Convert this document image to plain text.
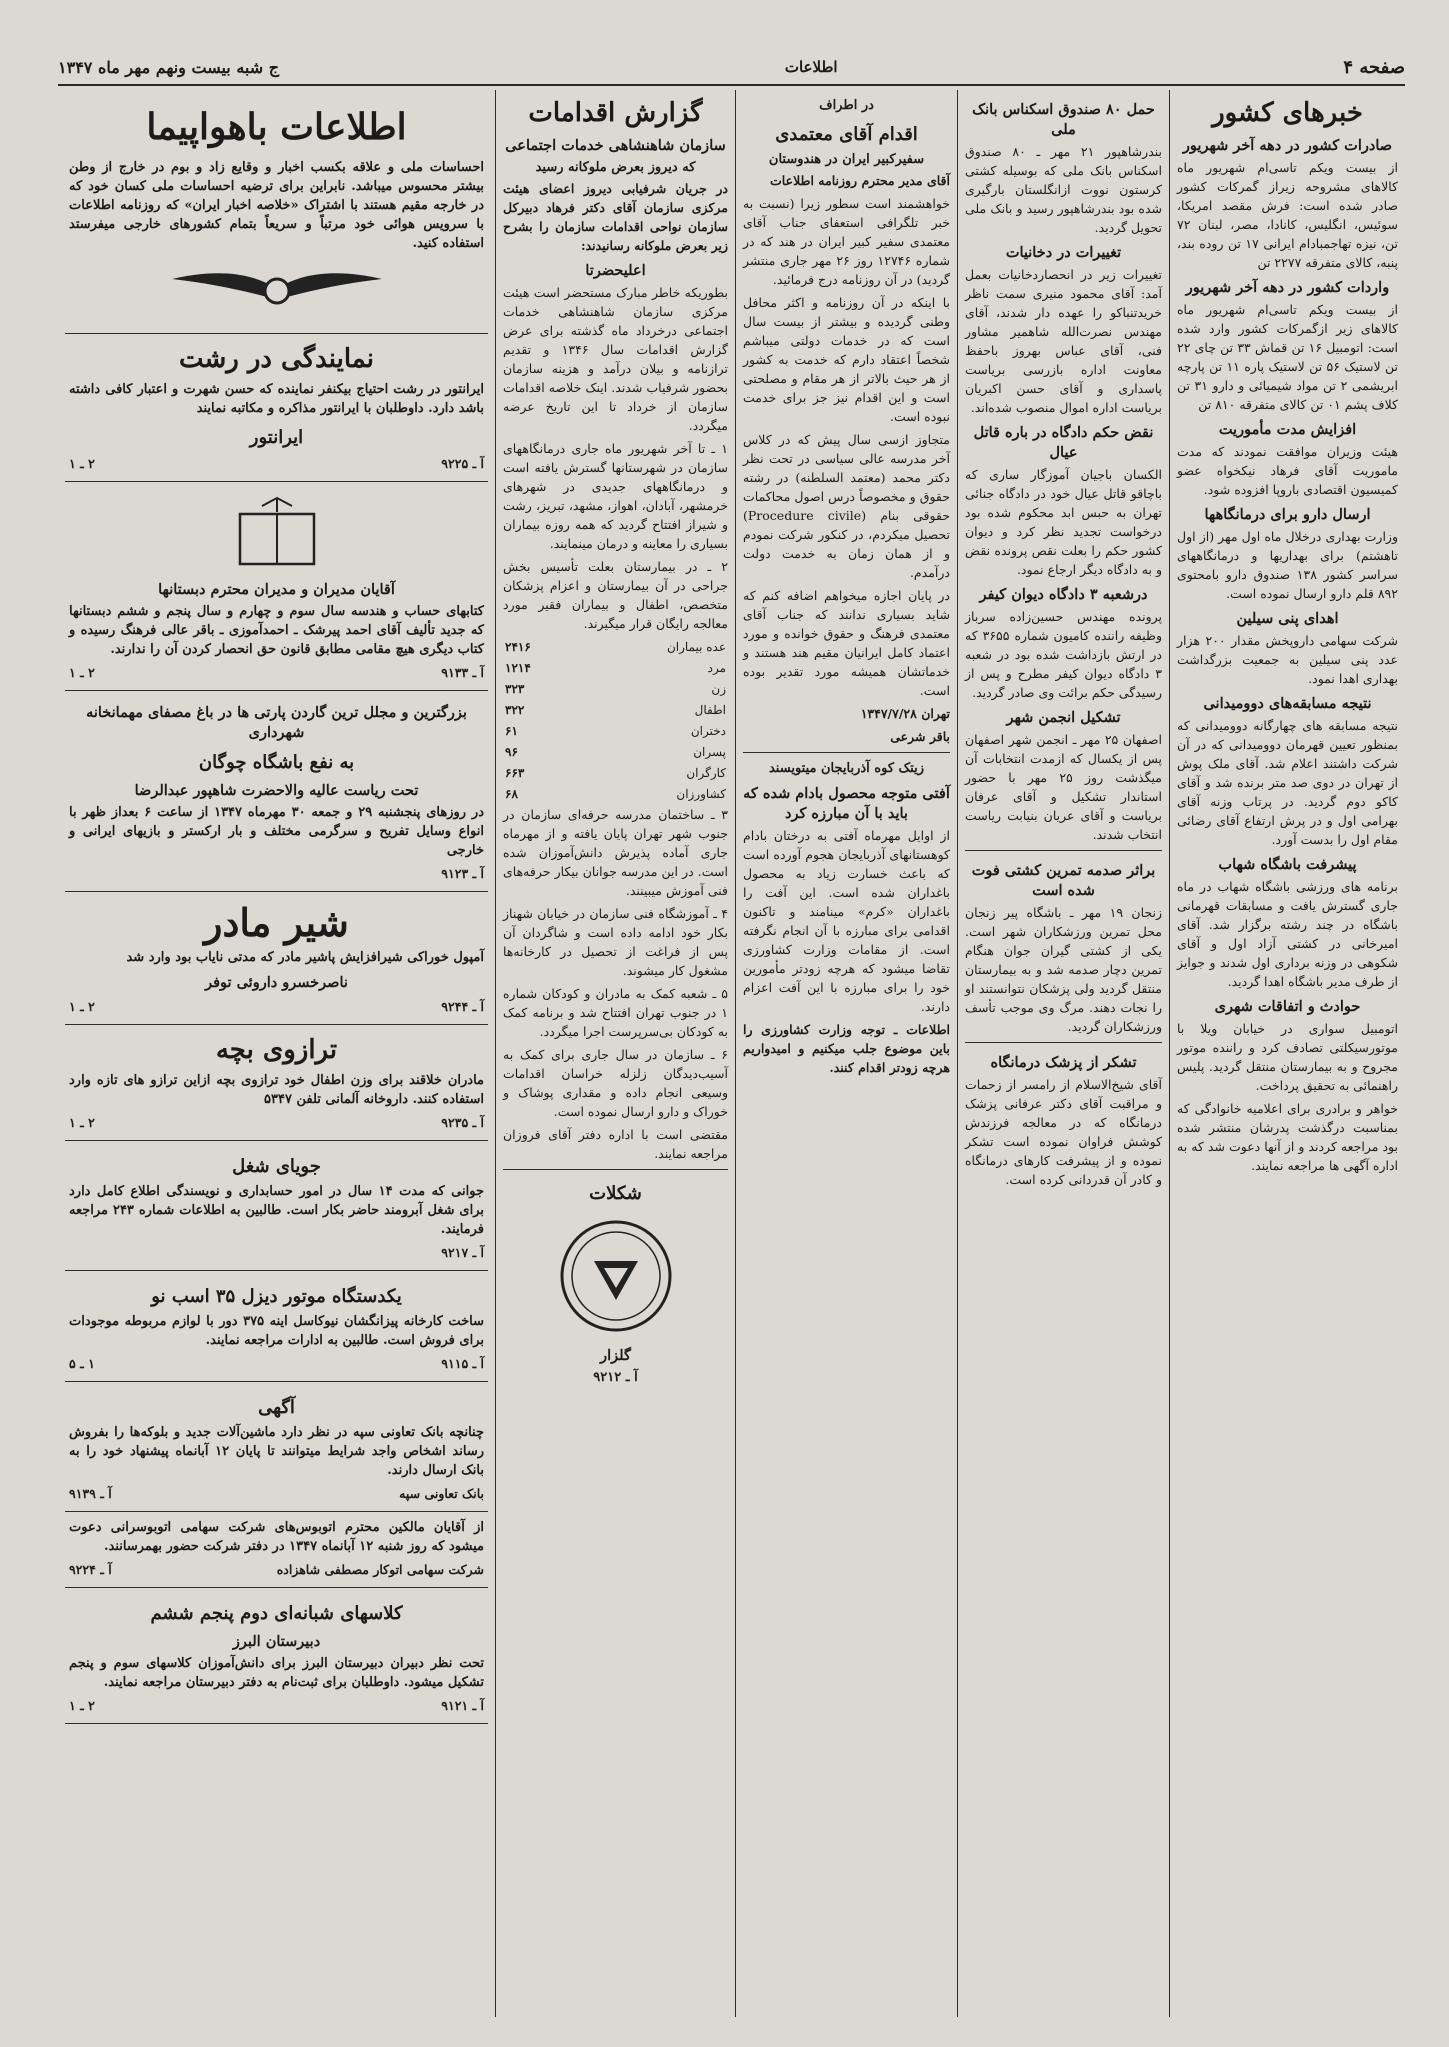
صفحه ۴
اطلاعات
ج شبه بیست ونهم مهر ماه ۱۳۴۷
خبرهای کشور
صادرات کشور در دهه آخر شهریور

از بیست ویکم تاسی‌ام شهریور ماه کالاهای مشروحه زیراز گمرکات کشور صادر شده است: فرش مقصد امریکا، سوئیس، انگلیس، کانادا، مصر، لبنان ۷۲ تن، نیزه تهاجمبادام ایرانی ۱۷ تن روده بند، پنبه، کالای متفرقه ۲۲۷۷ تن

واردات کشور در دهه آخر شهریور

از بیست ویکم تاسی‌ام شهریور ماه کالاهای زیر ازگمرکات کشور وارد شده است: اتومبیل ۱۶ تن قماش ۳۳ تن چای ۲۲ تن لاستیک ۵۶ تن لاستیک پاره ۱۱ تن پارچه ابریشمی ۲ تن مواد شیمیائی و دارو ۳۱ تن کلاف پشم ۰۱ تن کالای متفرقه ۸۱۰ تن

افزایش مدت مأموریت

هیئت وزیران موافقت نمودند که مدت ماموریت آقای فرهاد نیکخواه عضو کمیسیون اقتصادی باروپا افزوده شود.

ارسال دارو برای درمانگاهها

وزارت بهداری درخلال ماه اول مهر (از اول تاهشتم) برای بهداریها و درمانگاههای سراسر کشور ۱۳۸ صندوق دارو بامحتوی ۸۹۲ قلم دارو ارسال نموده است.

اهدای پنی سیلین

شرکت سهامی داروپخش مقدار ۲۰۰ هزار عدد پنی سیلین به جمعیت بزرگداشت بهداری اهدا نمود.

نتیجه مسابقه‌های دوومیدانی

نتیجه مسابقه های چهارگانه دوومیدانی که بمنظور تعیین قهرمان دوومیدانی که در آن شرکت داشتند اعلام شد. آقای ملک پوش از تهران در دوی صد متر برنده شد و آقای کاکو دوم گردید. در پرتاب وزنه آقای بهرامی اول و در پرش ارتفاع آقای رضائی مقام اول را بدست آورد.

پیشرفت باشگاه شهاب

برنامه های ورزشی باشگاه شهاب در ماه جاری گسترش یافت و مسابقات قهرمانی باشگاه در چند رشته برگزار شد. آقای امیرخانی در کشتی آزاد اول و آقای شکوهی در وزنه برداری اول شدند و جوایز از طرف مدیر باشگاه اهدا گردید.

حوادث و اتفاقات شهری

اتومبیل سواری در خیابان ویلا با موتورسیکلتی تصادف کرد و راننده موتور مجروح و به بیمارستان منتقل گردید. پلیس راهنمائی به تحقیق پرداخت.

خواهر و برادری برای اعلامیه خانوادگی که بمناسبت درگذشت پدرشان منتشر شده بود مراجعه کردند و از آنها دعوت شد که به اداره آگهی ها مراجعه نمایند.

حمل ۸۰ صندوق اسکناس بانک ملی

بندرشاهپور ۲۱ مهر ـ ۸۰ صندوق اسکناس بانک ملی که بوسیله کشتی کرستون نووت ازانگلستان بارگیری شده بود بندرشاهپور رسید و بانک ملی تحویل گردید.

تغییرات در دخانیات

تغییرات زیر در انحصاردخانیات بعمل آمد: آقای محمود منیری سمت ناظر خریدتنباکو را عهده دار شدند، آقای مهندس نصرت‌الله شاهمیر مشاور فنی، آقای عباس بهروز باحفظ معاونت اداره بازرسی بریاست پاسداری و آقای حسن اکبریان بریاست اداره اموال منصوب شده‌اند.

نقض حکم دادگاه در باره قاتل عیال

الکسان باجیان آموزگار ساری که باچاقو قاتل عیال خود در دادگاه جنائی تهران به حبس ابد محکوم شده بود درخواست تجدید نظر کرد و دیوان کشور حکم را بعلت نقص پرونده نقض و به دادگاه دیگر ارجاع نمود.

درشعبه ۳ دادگاه دیوان کیفر

پرونده مهندس حسین‌زاده سرباز وظیفه راننده کامیون شماره ۳۶۵۵ که در ارتش بازداشت شده بود در شعبه ۳ دادگاه دیوان کیفر مطرح و پس از رسیدگی حکم برائت وی صادر گردید.

تشکیل انجمن شهر

اصفهان ۲۵ مهر ـ انجمن شهر اصفهان پس از یکسال که ازمدت انتخابات آن میگذشت روز ۲۵ مهر با حضور استاندار تشکیل و آقای عرفان بریاست و آقای عریان بنیابت ریاست انتخاب شدند.

براثر صدمه تمرین کشتی فوت شده است

زنجان ۱۹ مهر ـ باشگاه پیر زنجان محل تمرین ورزشکاران شهر است. یکی از کشتی گیران جوان هنگام تمرین دچار صدمه شد و به بیمارستان منتقل گردید ولی پزشکان نتوانستند او را نجات دهند. مرگ وی موجب تأسف ورزشکاران گردید.

تشکر از پزشک درمانگاه

آقای شیخ‌الاسلام از رامسر از زحمات و مراقبت آقای دکتر عرفانی پزشک درمانگاه که در معالجه فرزندش کوشش فراوان نموده است تشکر نموده و از پیشرفت کارهای درمانگاه و کادر آن قدردانی کرده است.

در اطراف
اقدام آقای معتمدی
سفیرکبیر ایران در هندوستان

آقای مدیر محترم روزنامه اطلاعات

خواهشمند است سطور زیرا (نسبت به خبر تلگرافی استعفای جناب آقای معتمدی سفیر کبیر ایران در هند که در شماره ۱۲۷۴۶ روز ۲۶ مهر جاری منتشر گردید) در آن روزنامه درج فرمائید.

با اینکه در آن روزنامه و اکثر محافل وطنی گردیده و بیشتر از بیست سال است که در خدمات دولتی میباشم شخصاً اعتقاد دارم که خدمت به کشور از هر حیث بالاتر از هر مقام و مصلحتی است و این اقدام نیز جز برای خدمت نبوده است.

متجاوز ازسی سال پیش که در کلاس آخر مدرسه عالی سیاسی در تحت نظر دکتر محمد (معتمد السلطنه) در رشته حقوق و مخصوصاً درس اصول محاکمات حقوقی بنام (Procedure civile) تحصیل میکردم، در کنکور شرکت نمودم و از همان زمان به خدمت دولت درآمدم.

در پایان اجازه میخواهم اضافه کنم که شاید بسیاری ندانند که جناب آقای معتمدی فرهنگ و حقوق خوانده و مورد اعتماد کامل ایرانیان مقیم هند هستند و خدماتشان همیشه مورد تقدیر بوده است.

تهران ۱۳۴۷/۷/۲۸

باقر شرعی

زیتک کوه آذربایجان میتویسند
آفتی متوجه محصول بادام شده که باید با آن مبارزه کرد

از اوایل مهرماه آفتی به درختان بادام کوهستانهای آذربایجان هجوم آورده است که باعث خسارت زیاد به محصول باغداران شده است. این آفت را باغداران «کرم» مینامند و تاکنون اقدامی برای مبارزه با آن انجام نگرفته است. از مقامات وزارت کشاورزی تقاضا میشود که هرچه زودتر مأمورین خود را برای مبارزه با این آفت اعزام دارند.

اطلاعات ـ توجه وزارت کشاورزی را باین موضوع جلب میکنیم و امیدواریم هرچه زودتر اقدام کنند.

گزارش اقدامات
سازمان شاهنشاهی خدمات اجتماعی
که دیروز بعرض ملوکانه رسید

در جریان شرفیابی دیروز اعضای هیئت مرکزی سازمان آقای دکتر فرهاد دبیرکل سازمان نواحی اقدامات سازمان را بشرح زیر بعرض ملوکانه رسانیدند:

اعلیحضرتا

بطوریکه خاطر مبارک مستحضر است هیئت مرکزی سازمان شاهنشاهی خدمات اجتماعی درخرداد ماه گذشته برای عرض گزارش اقدامات سال ۱۳۴۶ و تقدیم ترازنامه و بیلان درآمد و هزینه سازمان بحضور شرفیاب شدند. اینک خلاصه اقدامات سازمان از خرداد تا این تاریخ عرضه میگردد.

۱ ـ تا آخر شهریور ماه جاری درمانگاههای سازمان در شهرستانها گسترش یافته است و درمانگاههای جدیدی در شهرهای خرمشهر، آبادان، اهواز، مشهد، تبریز، رشت و شیراز افتتاح گردید که همه روزه بیماران بسیاری را معاینه و درمان مینمایند.

۲ ـ در بیمارستان بعلت تأسیس بخش جراحی در آن بیمارستان و اعزام پزشکان متخصص، اطفال و بیماران فقیر مورد معالجه رایگان قرار میگیرند.

عده بیماران	۲۴۱۶
مرد	۱۲۱۴
زن	۳۲۳
اطفال	۳۲۲
دختران	۶۱
پسران	۹۶
کارگران	۶۶۳
کشاورزان	۶۸

۳ ـ ساختمان مدرسه حرفه‌ای سازمان در جنوب شهر تهران پایان یافته و از مهرماه جاری آماده پذیرش دانش‌آموزان شده است. در این مدرسه جوانان بیکار حرفه‌های فنی آموزش میبینند.

۴ ـ آموزشگاه فنی سازمان در خیابان شهناز بکار خود ادامه داده است و شاگردان آن پس از فراغت از تحصیل در کارخانه‌ها مشغول کار میشوند.

۵ ـ شعبه کمک به مادران و کودکان شماره ۱ در جنوب تهران افتتاح شد و برنامه کمک به کودکان بی‌سرپرست اجرا میگردد.

۶ ـ سازمان در سال جاری برای کمک به آسیب‌دیدگان زلزله خراسان اقدامات وسیعی انجام داده و مقداری پوشاک و خوراک و دارو ارسال نموده است.

مقتضی است با اداره دفتر آقای فروزان مراجعه نمایند.

شکلات
گلزار
آ ـ ۹۲۱۲
اطلاعات باهواپیما
احساسات ملی و علاقه بکسب اخبار و وقایع زاد و بوم در خارج از وطن بیشتر محسوس میباشد. نابراین برای ترضیه احساسات ملی کسان خود که در خارجه مقیم هستند با اشتراک «خلاصه اخبار ایران» که روزنامه اطلاعات با سرویس هوائی خود مرتباً و سریعاً بتمام کشورهای خارجی میفرستد استفاده کنید.
نمایندگی در رشت
ایرانتور در رشت احتیاج بیکنفر نماینده که حسن شهرت و اعتبار کافی داشته باشد دارد. داوطلبان با ایرانتور مذاکره و مکاتبه نمایند
ایرانتور
آ ـ ۹۲۲۵
۲ ـ ۱
آقایان مدیران و مدیران محترم دبستانها
کتابهای حساب و هندسه سال سوم و چهارم و سال پنجم و ششم دبستانها که جدید تألیف آقای احمد پیرشک ـ احمدآموزی ـ باقر عالی فرهنگ رسیده و کتاب دیگری هیچ مقامی مطابق قانون حق انحصار کردن آن را ندارند.
آ ـ ۹۱۳۳
۲ ـ ۱
بزرگترین و مجلل ترین گاردن پارتی ها در باغ مصفای مهمانخانه شهرداری
به نفع باشگاه چوگان
تحت ریاست عالیه والاحضرت شاهپور عبدالرضا
در روزهای پنجشنبه ۲۹ و جمعه ۳۰ مهرماه ۱۳۴۷ از ساعت ۶ بعداز ظهر با انواع وسایل تفریح و سرگرمی مختلف و بار ارکستر و بازیهای ایرانی و خارجی
آ ـ ۹۱۲۳
شیر مادر
آمپول خوراکی شیرافزایش پاشیر مادر که مدتی نایاب بود وارد شد
ناصرخسرو داروئی توفر
آ ـ ۹۲۴۴
۲ ـ ۱
ترازوی بچه
مادران خلاقند برای وزن اطفال خود ترازوی بچه ازاین ترازو های تازه وارد استفاده کنند. داروخانه آلمانی تلفن ۵۳۴۷
آ ـ ۹۲۳۵
۲ ـ ۱
جویای شغل
جوانی که مدت ۱۴ سال در امور حسابداری و نویسندگی اطلاع کامل دارد برای شغل آبرومند حاضر بکار است. طالبین به اطلاعات شماره ۲۴۳ مراجعه فرمایند.
آ ـ ۹۲۱۷
یکدستگاه موتور دیزل ۳۵ اسب نو
ساخت کارخانه پیزانگشان نیوکاسل اینه ۳۷۵ دور با لوازم مربوطه موجودات برای فروش است. طالبین به ادارات مراجعه نمایند.
آ ـ ۹۱۱۵
۱ ـ ۵
آگهی
چنانچه بانک تعاونی سپه در نظر دارد ماشین‌آلات جدید و بلوکه‌ها را بفروش رساند اشخاص واجد شرایط میتوانند تا پایان ۱۲ آبانماه پیشنهاد خود را به بانک ارسال دارند.
بانک تعاونی سپه
آ ـ ۹۱۳۹
از آقایان مالکین محترم اتوبوس‌های شرکت سهامی اتوبوسرانی دعوت میشود که روز شنبه ۱۲ آبانماه ۱۳۴۷ در دفتر شرکت حضور بهمرسانند.
شرکت سهامی اتوکار مصطفی شاهزاده
آ ـ ۹۲۲۴
کلاسهای شبانه‌ای دوم پنجم ششم
دبیرستان البرز
تحت نظر دبیران دبیرستان البرز برای دانش‌آموزان کلاسهای سوم و پنجم تشکیل میشود. داوطلبان برای ثبت‌نام به دفتر دبیرستان مراجعه نمایند.
آ ـ ۹۱۲۱
۲ ـ ۱
